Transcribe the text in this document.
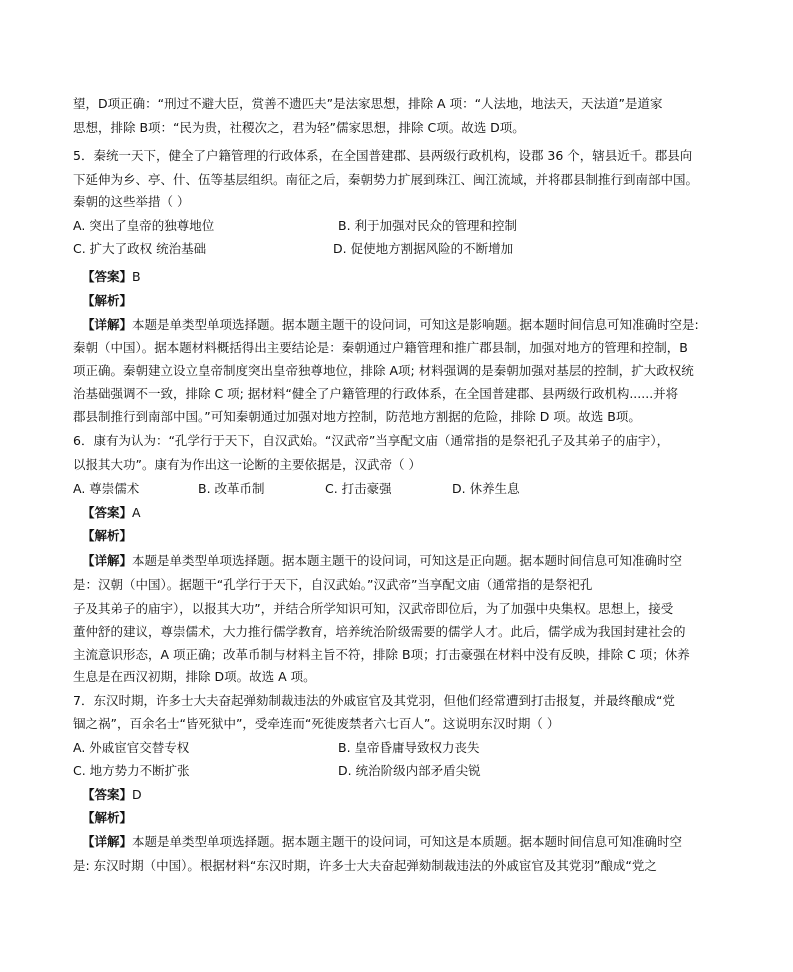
望，D项正确：“刑过不避大臣，赏善不遗匹夫”是法家思想，排除 A 项：“人法地，地法天，天法道”是道家
思想，排除 B项：“民为贵，社稷次之，君为轻”儒家思想，排除 C项。故选 D项。
5．秦统一天下，健全了户籍管理的行政体系，在全国普建郡、县两级行政机构，设郡 36 个，辖县近千。郡县向
下延伸为乡、亭、什、伍等基层组织。南征之后，秦朝势力扩展到珠江、闽江流域，并将郡县制推行到南部中国。
秦朝的这些举措（ ）
A. 突出了皇帝的独尊地位	B. 利于加强对民众的管理和控制
C. 扩大了政权 统治基础	D. 促使地方割据风险的不断增加
【答案】B
【解析】
【详解】本题是单类型单项选择题。据本题主题干的设问词，可知这是影响题。据本题时间信息可知准确时空是:
秦朝（中国）。据本题材料概括得出主要结论是：秦朝通过户籍管理和推广郡县制，加强对地方的管理和控制，B
项正确。秦朝建立设立皇帝制度突出皇帝独尊地位，排除 A项; 材料强调的是秦朝加强对基层的控制，扩大政权统
治基础强调不一致，排除 C 项; 据材料“健全了户籍管理的行政体系，在全国普建郡、县两级行政机构......并将
郡县制推行到南部中国。”可知秦朝通过加强对地方控制，防范地方割据的危险，排除 D 项。故选 B项。
6．康有为认为：“孔学行于天下，自汉武始。“汉武帝”当享配文庙（通常指的是祭祀孔子及其弟子的庙宇），
以报其大功”。康有为作出这一论断的主要依据是，汉武帝（ ）
A. 尊崇儒术	B. 改革币制	C. 打击豪强	D. 休养生息
【答案】A
【解析】
【详解】本题是单类型单项选择题。据本题主题干的设问词，可知这是正向题。据本题时间信息可知准确时空
是：汉朝（中国）。据题干“孔学行于天下，自汉武始。”汉武帝”当享配文庙（通常指的是祭祀孔
子及其弟子的庙宇），以报其大功”，并结合所学知识可知，汉武帝即位后，为了加强中央集权。思想上，接受
董仲舒的建议，尊崇儒术，大力推行儒学教育，培养统治阶级需要的儒学人才。此后，儒学成为我国封建社会的
主流意识形态，A 项正确；改革币制与材料主旨不符，排除 B项；打击豪强在材料中没有反映，排除 C 项；休养
生息是在西汉初期，排除 D项。故选 A 项。
7．东汉时期，许多士大夫奋起弹劾制裁违法的外戚宦官及其党羽，但他们经常遭到打击报复，并最终酿成“党
锢之祸”，百余名士“皆死狱中”，受牵连而“死徙废禁者六七百人”。这说明东汉时期（ ）
A. 外戚宦官交替专权	B. 皇帝昏庸导致权力丧失
C. 地方势力不断扩张	D. 统治阶级内部矛盾尖锐
【答案】D
【解析】
【详解】本题是单类型单项选择题。据本题主题干的设问词，可知这是本质题。据本题时间信息可知准确时空
是: 东汉时期（中国）。根据材料“东汉时期，许多士大夫奋起弹劾制裁违法的外戚宦官及其党羽”酿成“党之
